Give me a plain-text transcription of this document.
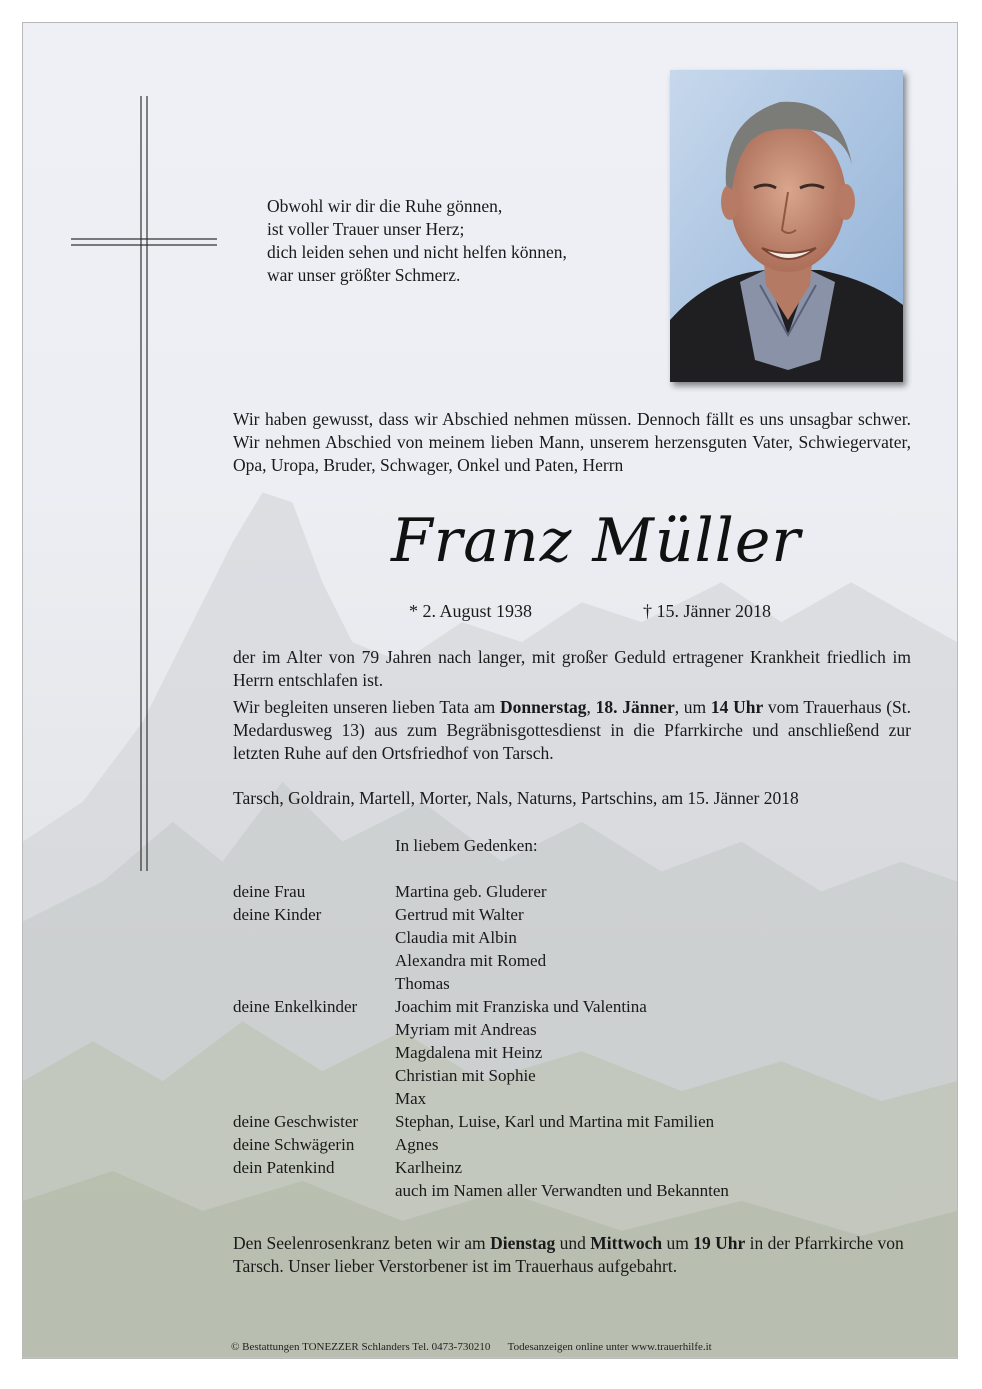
Obwohl wir dir die Ruhe gönnen,
ist voller Trauer unser Herz;
dich leiden sehen und nicht helfen können,
war unser größter Schmerz.
Wir haben gewusst, dass wir Abschied nehmen müssen. Dennoch fällt es uns unsagbar schwer. Wir nehmen Abschied von meinem lieben Mann, unserem herzensguten Vater, Schwiegervater, Opa, Uropa, Bruder, Schwager, Onkel und Paten, Herrn
Franz Müller
* 2. August 1938	† 15. Jänner 2018
der im Alter von 79 Jahren nach langer, mit großer Geduld ertragener Krankheit friedlich im Herrn entschlafen ist.
Wir begleiten unseren lieben Tata am Donnerstag, 18. Jänner, um 14 Uhr vom Trauerhaus (St. Medardusweg 13) aus zum Begräbnisgottesdienst in die Pfarrkirche und anschließend zur letzten Ruhe auf den Ortsfriedhof von Tarsch.
Tarsch, Goldrain, Martell, Morter, Nals, Naturns, Partschins, am 15. Jänner 2018
In liebem Gedenken:
deine Frau	Martina geb. Gluderer
deine Kinder	Gertrud mit Walter
Claudia mit Albin
Alexandra mit Romed
Thomas
deine Enkelkinder Joachim mit Franziska und Valentina
Myriam mit Andreas
Magdalena mit Heinz
Christian mit Sophie
Max
deine Geschwister Stephan, Luise, Karl und Martina mit Familien
deine Schwägerin Agnes
dein Patenkind	Karlheinz
auch im Namen aller Verwandten und Bekannten
Den Seelenrosenkranz beten wir am Dienstag und Mittwoch um 19 Uhr in der Pfarrkirche von Tarsch. Unser lieber Verstorbener ist im Trauerhaus aufgebahrt.
© Bestattungen TONEZZER Schlanders Tel. 0473-730210 Todesanzeigen online unter www.trauerhilfe.it
